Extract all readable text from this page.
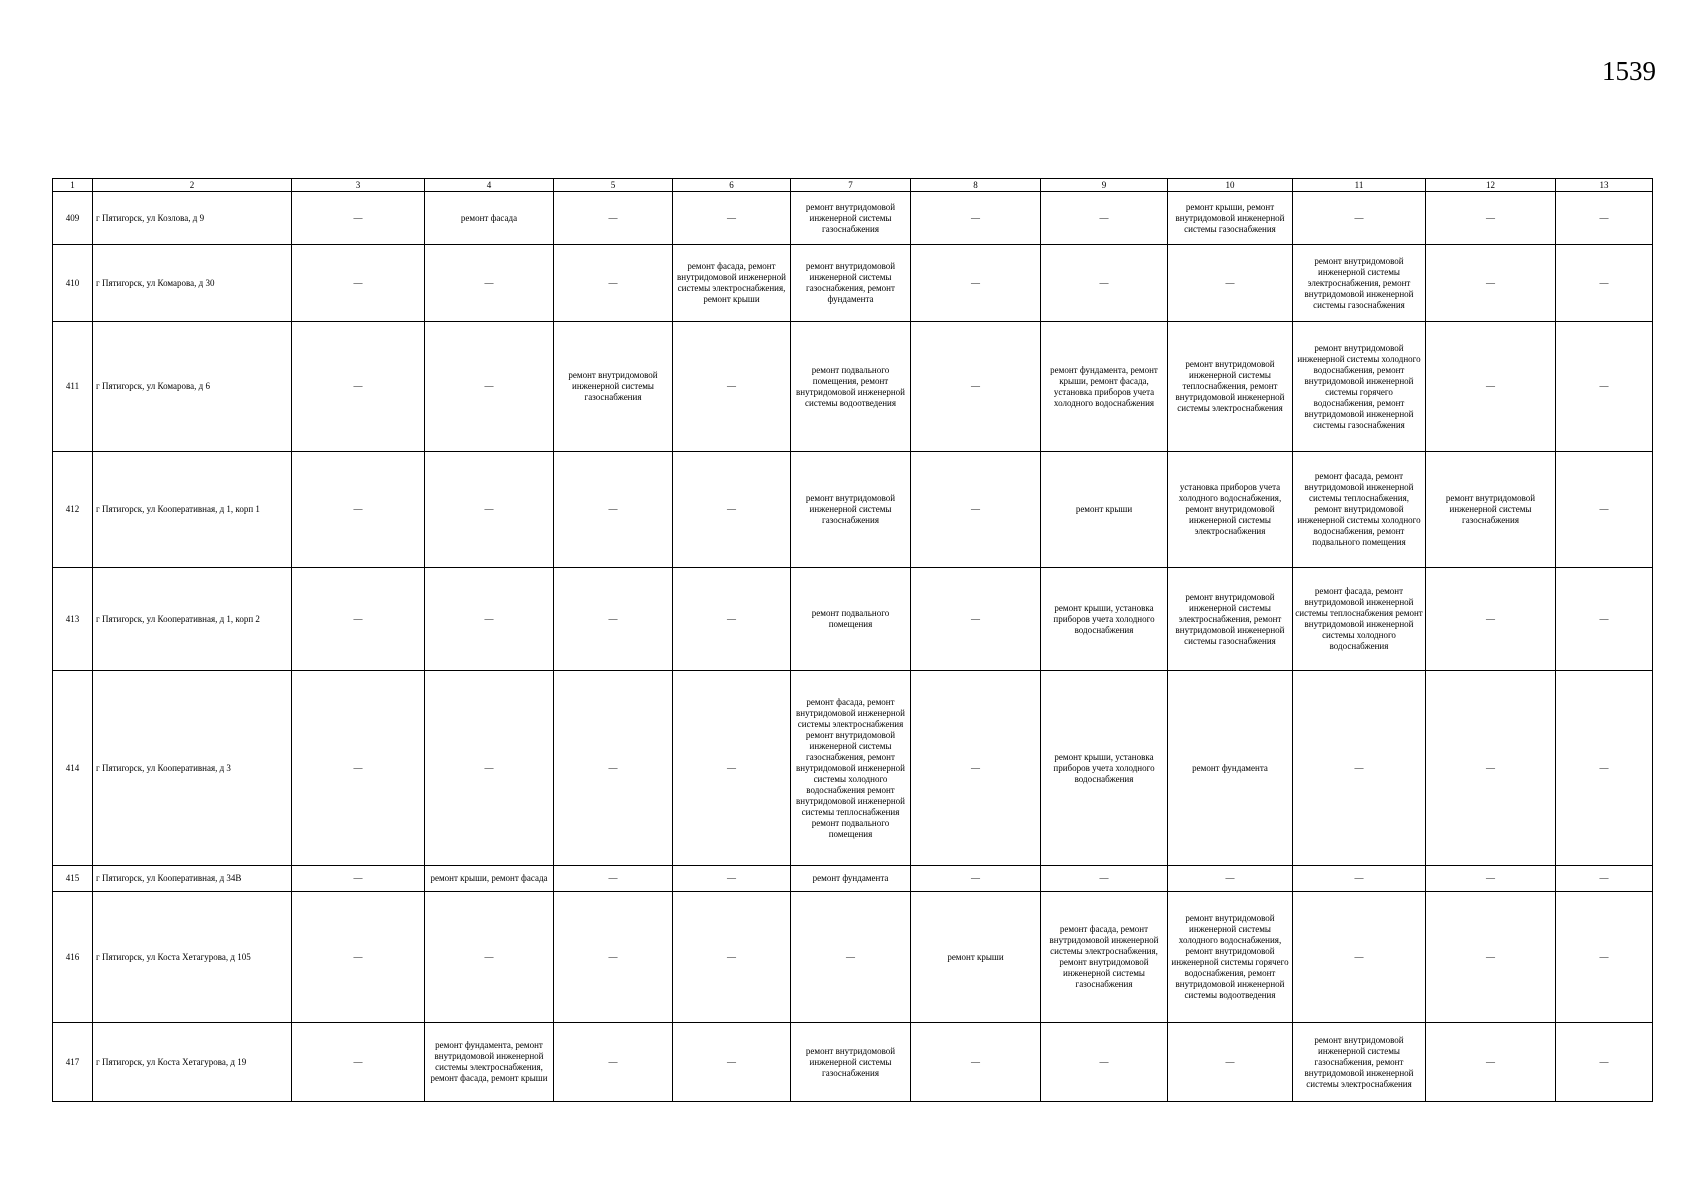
1539
1	2	3	4	5	6	7	8	9	10	11	12	13
409	г Пятигорск, ул Козлова, д 9	—	ремонт фасада	—	—	ремонт внутридомовой инженерной системы газоснабжения	—	—	ремонт крыши, ремонт внутридомовой инженерной системы газоснабжения	—	—	—
410	г Пятигорск, ул Комарова, д 30	—	—	—	ремонт фасада, ремонт внутридомовой инженерной системы электроснабжения, ремонт крыши	ремонт внутридомовой инженерной системы газоснабжения, ремонт фундамента	—	—	—	ремонт внутридомовой инженерной системы электроснабжения, ремонт внутридомовой инженерной системы газоснабжения	—	—
411	г Пятигорск, ул Комарова, д 6	—	—	ремонт внутридомовой инженерной системы газоснабжения	—	ремонт подвального помещения, ремонт внутридомовой инженерной системы водоотведения	—	ремонт фундамента, ремонт крыши, ремонт фасада, установка приборов учета холодного водоснабжения	ремонт внутридомовой инженерной системы теплоснабжения, ремонт внутридомовой инженерной системы электроснабжения	ремонт внутридомовой инженерной системы холодного водоснабжения, ремонт внутридомовой инженерной системы горячего водоснабжения, ремонт внутридомовой инженерной системы газоснабжения	—	—
412	г Пятигорск, ул Кооперативная, д 1, корп 1	—	—	—	—	ремонт внутридомовой инженерной системы газоснабжения	—	ремонт крыши	установка приборов учета холодного водоснабжения, ремонт внутридомовой инженерной системы электроснабжения	ремонт фасада, ремонт внутридомовой инженерной системы теплоснабжения, ремонт внутридомовой инженерной системы холодного водоснабжения, ремонт подвального помещения	ремонт внутридомовой инженерной системы газоснабжения	—
413	г Пятигорск, ул Кооперативная, д 1, корп 2	—	—	—	—	ремонт подвального помещения	—	ремонт крыши, установка приборов учета холодного водоснабжения	ремонт внутридомовой инженерной системы электроснабжения, ремонт внутридомовой инженерной системы газоснабжения	ремонт фасада, ремонт внутридомовой инженерной системы теплоснабжения ремонт внутридомовой инженерной системы холодного водоснабжения	—	—
414	г Пятигорск, ул Кооперативная, д 3	—	—	—	—	ремонт фасада, ремонт внутридомовой инженерной системы электроснабжения ремонт внутридомовой инженерной системы газоснабжения, ремонт внутридомовой инженерной системы холодного водоснабжения ремонт внутридомовой инженерной системы теплоснабжения ремонт подвального помещения	—	ремонт крыши, установка приборов учета холодного водоснабжения	ремонт фундамента	—	—	—
415	г Пятигорск, ул Кооперативная, д 34В	—	ремонт крыши, ремонт фасада	—	—	ремонт фундамента	—	—	—	—	—	—
416	г Пятигорск, ул Коста Хетагурова, д 105	—	—	—	—	—	ремонт крыши	ремонт фасада, ремонт внутридомовой инженерной системы электроснабжения, ремонт внутридомовой инженерной системы газоснабжения	ремонт внутридомовой инженерной системы холодного водоснабжения, ремонт внутридомовой инженерной системы горячего водоснабжения, ремонт внутридомовой инженерной системы водоотведения	—	—	—
417	г Пятигорск, ул Коста Хетагурова, д 19	—	ремонт фундамента, ремонт внутридомовой инженерной системы электроснабжения, ремонт фасада, ремонт крыши	—	—	ремонт внутридомовой инженерной системы газоснабжения	—	—	—	ремонт внутридомовой инженерной системы газоснабжения, ремонт внутридомовой инженерной системы электроснабжения	—	—
